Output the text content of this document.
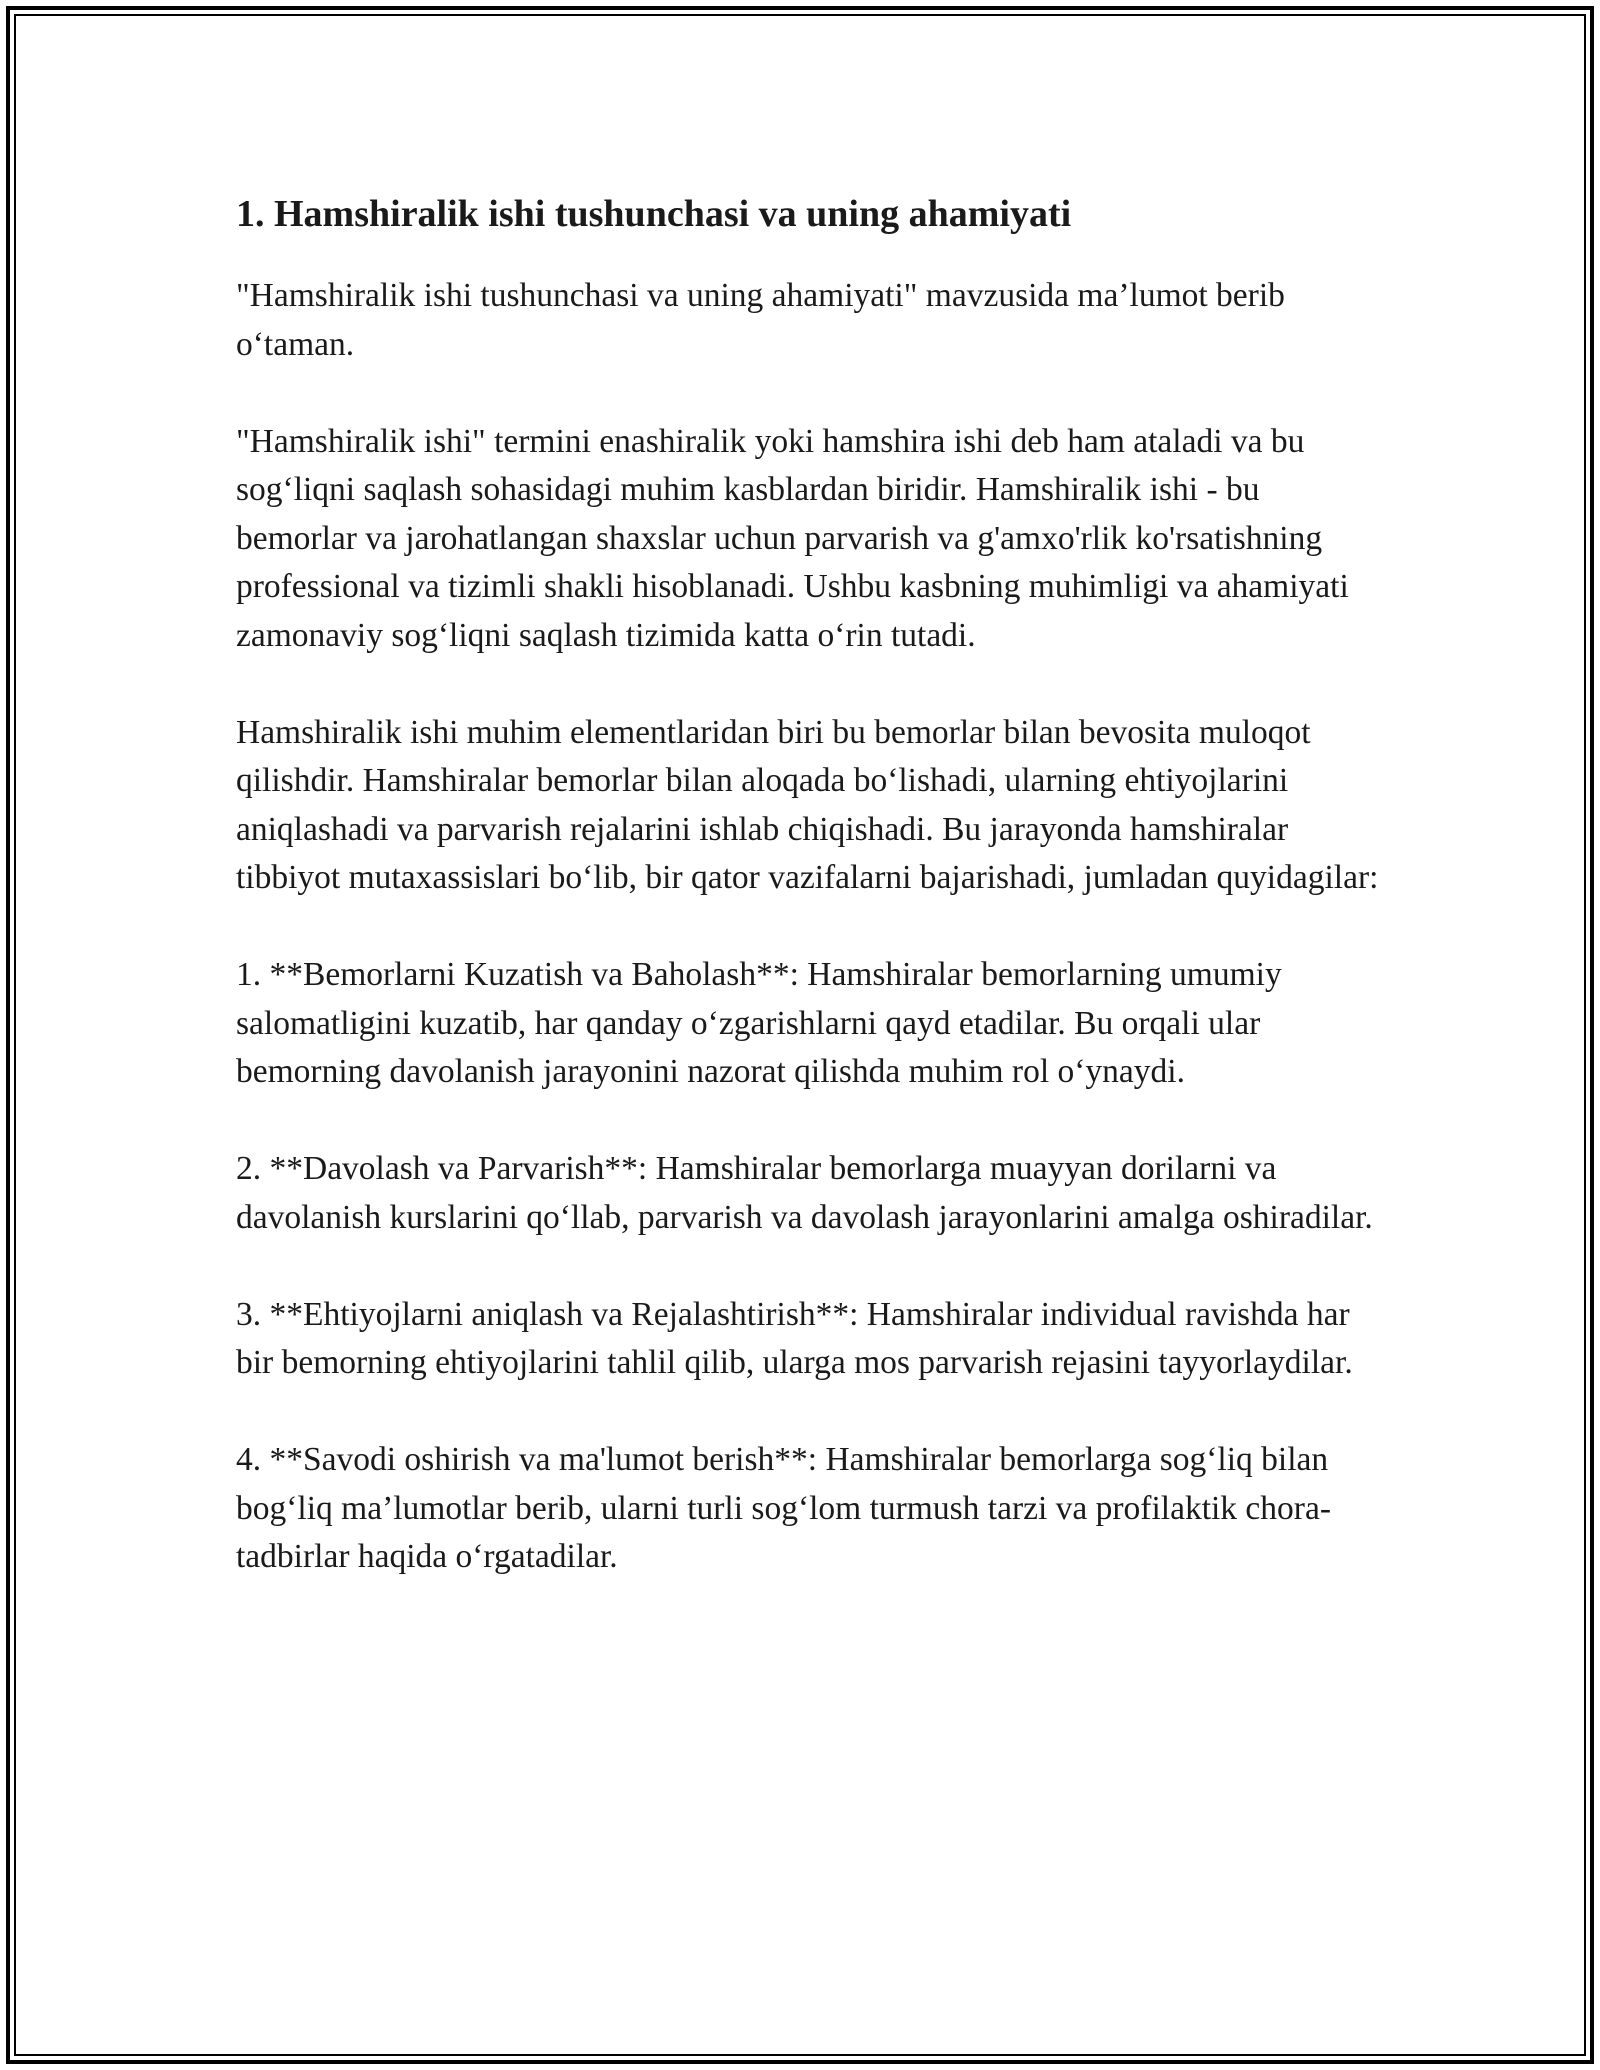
1. Hamshiralik ishi tushunchasi va uning ahamiyati

"Hamshiralik ishi tushunchasi va uning ahamiyati" mavzusida ma’lumot berib o‘taman.

"Hamshiralik ishi" termini enashiralik yoki hamshira ishi deb ham ataladi va bu sog‘liqni saqlash sohasidagi muhim kasblardan biridir. Hamshiralik ishi - bu bemorlar va jarohatlangan shaxslar uchun parvarish va g'amxo'rlik ko'rsatishning professional va tizimli shakli hisoblanadi. Ushbu kasbning muhimligi va ahamiyati zamonaviy sog‘liqni saqlash tizimida katta o‘rin tutadi.

Hamshiralik ishi muhim elementlaridan biri bu bemorlar bilan bevosita muloqot qilishdir. Hamshiralar bemorlar bilan aloqada bo‘lishadi, ularning ehtiyojlarini aniqlashadi va parvarish rejalarini ishlab chiqishadi. Bu jarayonda hamshiralar tibbiyot mutaxassislari bo‘lib, bir qator vazifalarni bajarishadi, jumladan quyidagilar:

1. **Bemorlarni Kuzatish va Baholash**: Hamshiralar bemorlarning umumiy salomatligini kuzatib, har qanday o‘zgarishlarni qayd etadilar. Bu orqali ular bemorning davolanish jarayonini nazorat qilishda muhim rol o‘ynaydi.

2. **Davolash va Parvarish**: Hamshiralar bemorlarga muayyan dorilarni va davolanish kurslarini qo‘llab, parvarish va davolash jarayonlarini amalga oshiradilar.

3. **Ehtiyojlarni aniqlash va Rejalashtirish**: Hamshiralar individual ravishda har bir bemorning ehtiyojlarini tahlil qilib, ularga mos parvarish rejasini tayyorlaydilar.

4. **Savodi oshirish va ma'lumot berish**: Hamshiralar bemorlarga sog‘liq bilan bog‘liq ma’lumotlar berib, ularni turli sog‘lom turmush tarzi va profilaktik chora-tadbirlar haqida o‘rgatadilar.
